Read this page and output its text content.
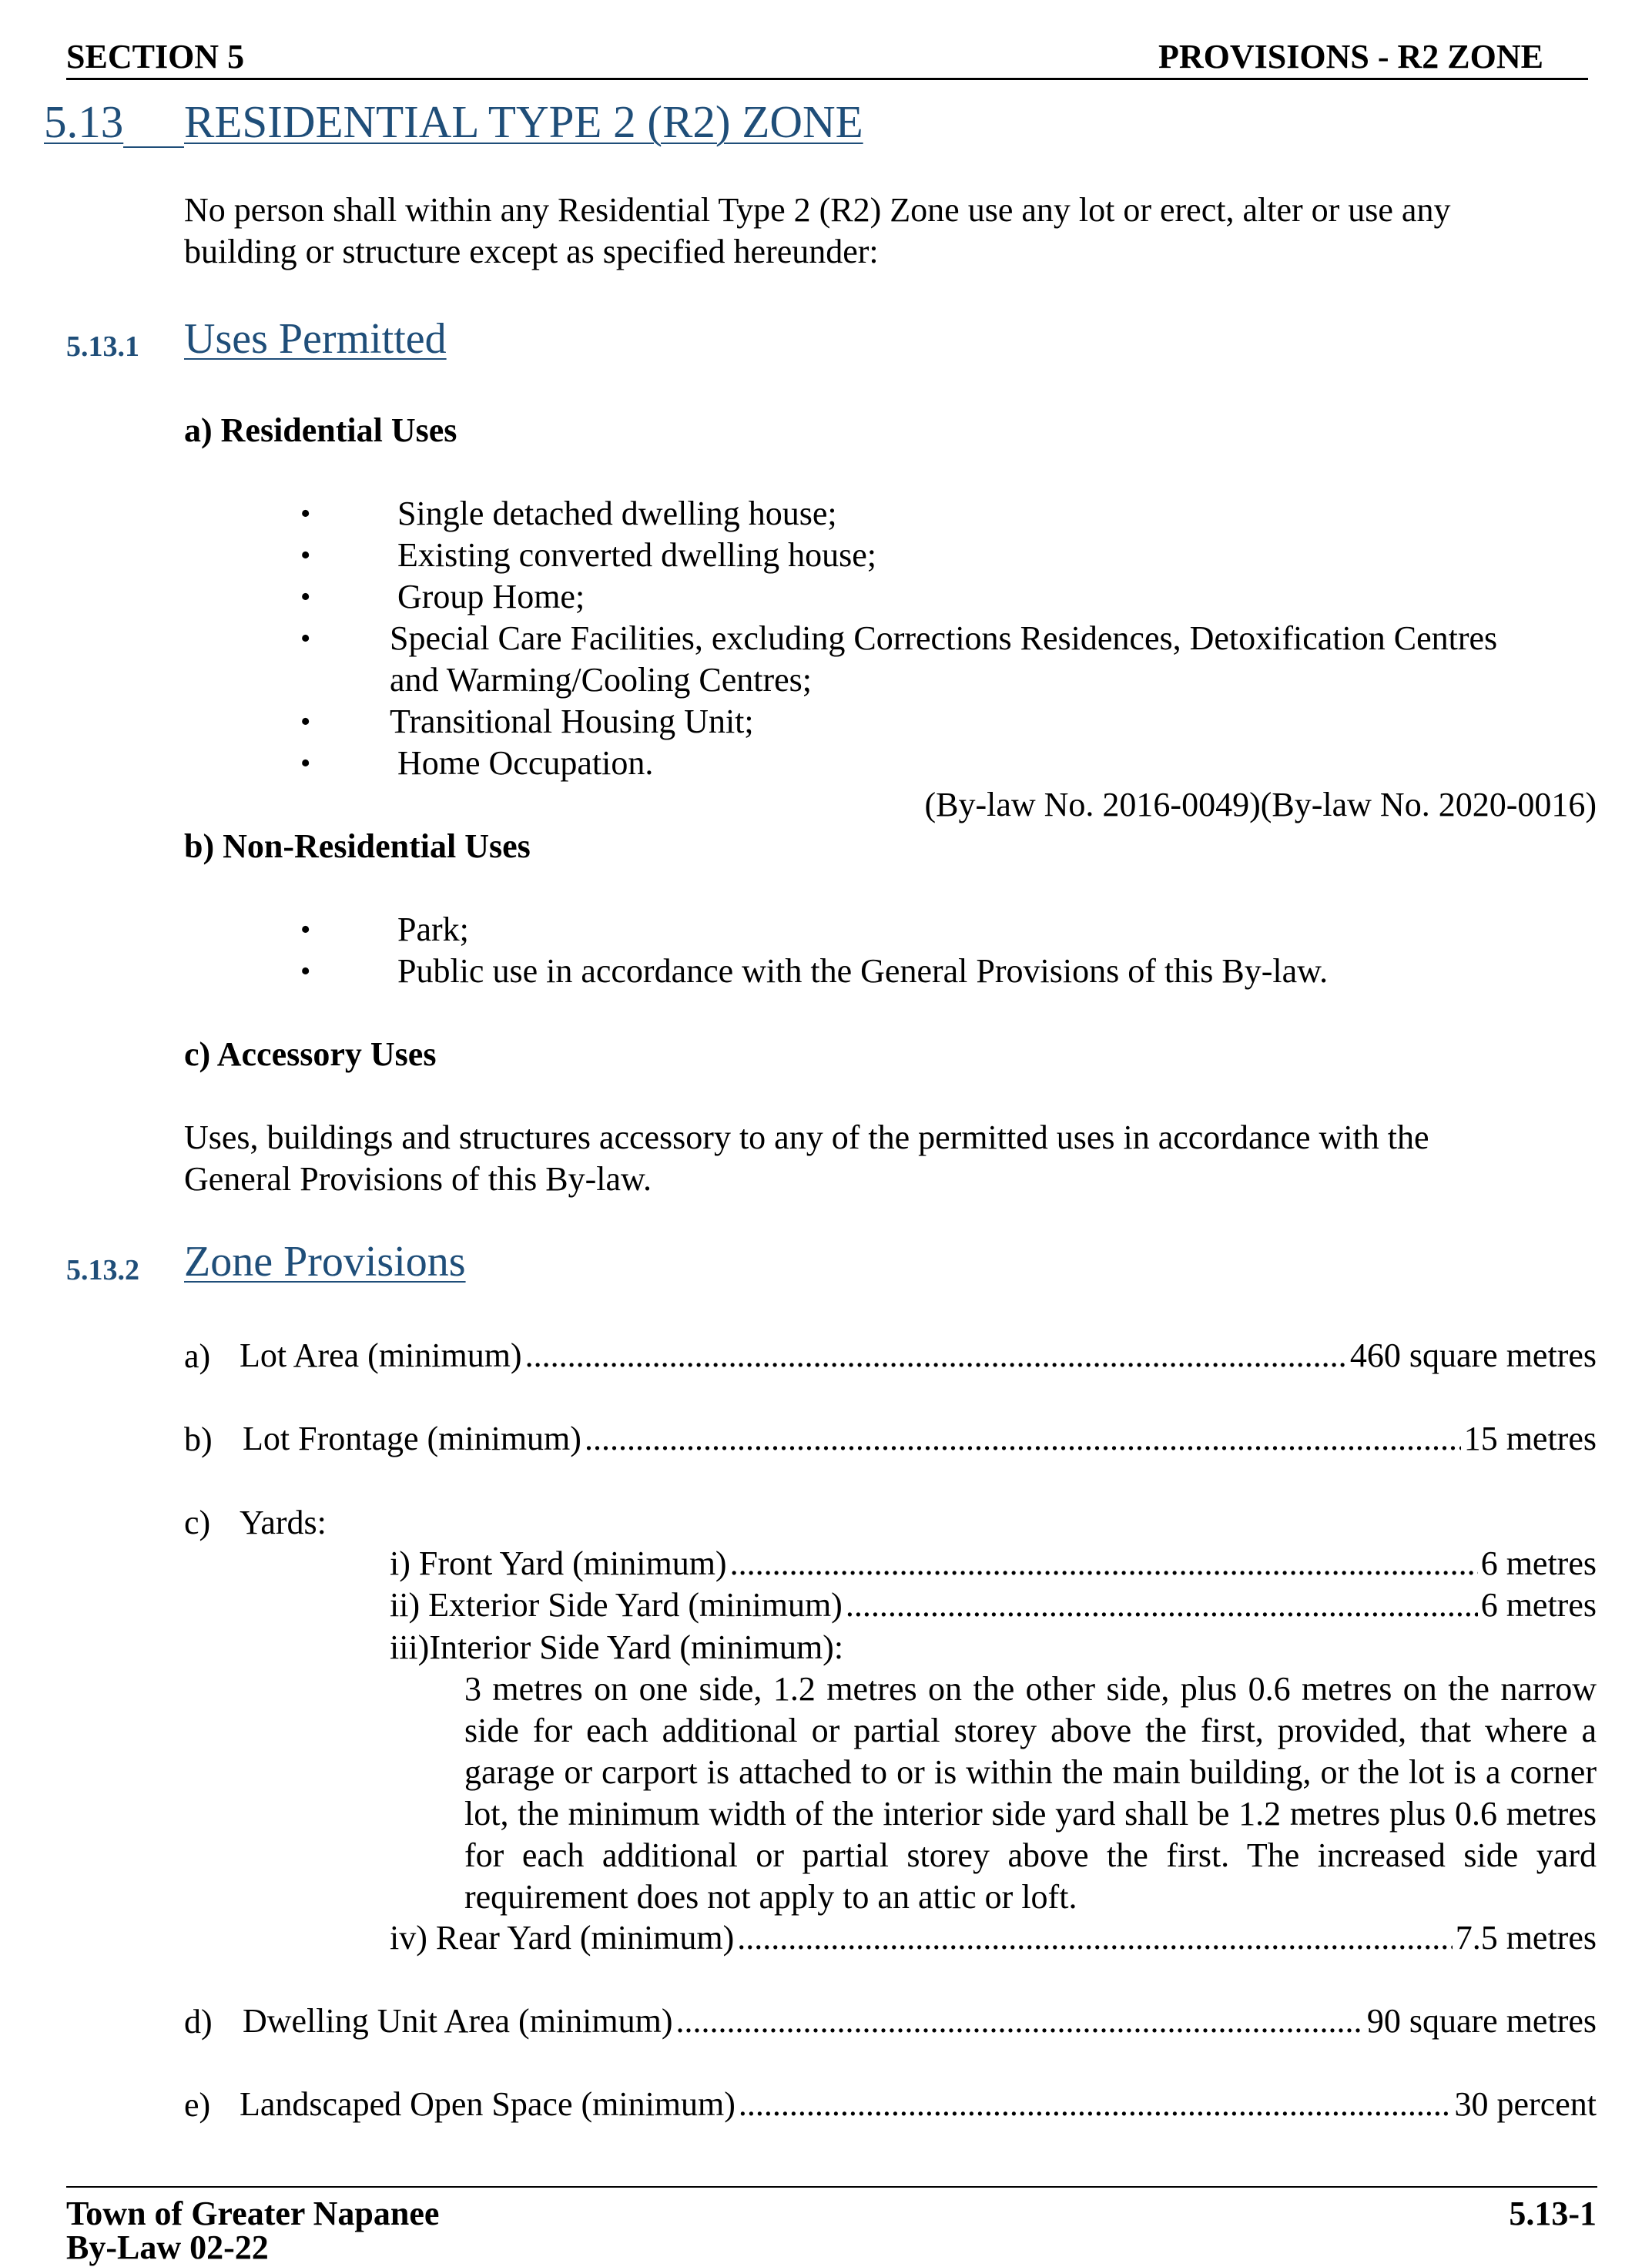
SECTION 5	PROVISIONS - R2 ZONE
5.13	RESIDENTIAL TYPE 2 (R2) ZONE
No person shall within any Residential Type 2 (R2) Zone use any lot or erect, alter or use any building or structure except as specified hereunder:
5.13.1 Uses Permitted
a) Residential Uses
•	Single detached dwelling house;
•	Existing converted dwelling house;
•	Group Home;
• Special Care Facilities, excluding Corrections Residences, Detoxification Centres
and Warming/Cooling Centres;
• Transitional Housing Unit;
•	Home Occupation.
(By-law No. 2016-0049)(By-law No. 2020-0016)
b) Non-Residential Uses
•	Park;
•	Public use in accordance with the General Provisions of this By-law.
c) Accessory Uses
Uses, buildings and structures accessory to any of the permitted uses in accordance with the General Provisions of this By-law.
5.13.2 Zone Provisions
a) Lot Area (minimum) .....	460 square metres
b) Lot Frontage (minimum) .....	15 metres
c) Yards:
i) Front Yard (minimum) .....	6 metres
ii) Exterior Side Yard (minimum) .....	6 metres
iii)Interior Side Yard (minimum):
3 metres on one side, 1.2 metres on the other side, plus 0.6 metres on the narrow side for each additional or partial storey above the first, provided, that where a garage or carport is attached to or is within the main building, or the lot is a corner lot, the minimum width of the interior side yard shall be 1.2 metres plus 0.6 metres for each additional or partial storey above the first. The increased side yard requirement does not apply to an attic or loft.
iv) Rear Yard (minimum) .....	7.5 metres
d) Dwelling Unit Area (minimum) .....	90 square metres
e) Landscaped Open Space (minimum) .....	30 percent
Town of Greater Napanee
By-Law 02-22
5.13-1
